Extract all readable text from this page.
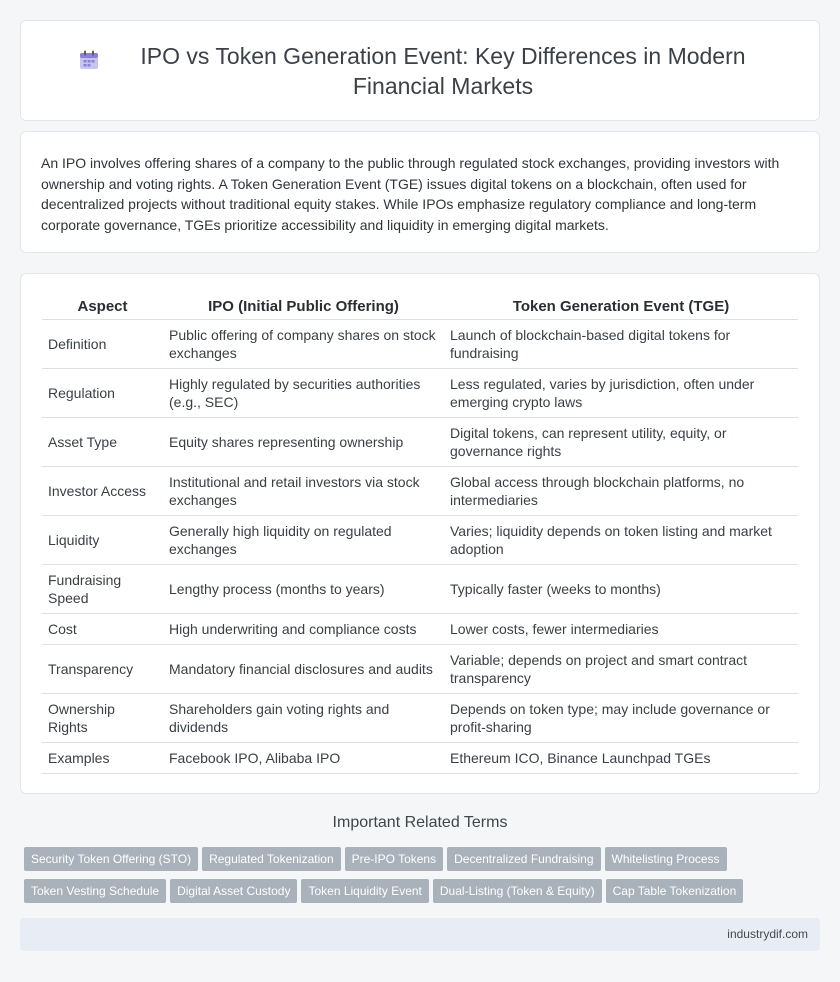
IPO vs Token Generation Event: Key Differences in Modern Financial Markets

An IPO involves offering shares of a company to the public through regulated stock exchanges, providing investors with ownership and voting rights. A Token Generation Event (TGE) issues digital tokens on a blockchain, often used for decentralized projects without traditional equity stakes. While IPOs emphasize regulatory compliance and long-term corporate governance, TGEs prioritize accessibility and liquidity in emerging digital markets.

Aspect	IPO (Initial Public Offering)	Token Generation Event (TGE)
Definition	Public offering of company shares on stock exchanges	Launch of blockchain-based digital tokens for fundraising
Regulation	Highly regulated by securities authorities (e.g., SEC)	Less regulated, varies by jurisdiction, often under emerging crypto laws
Asset Type	Equity shares representing ownership	Digital tokens, can represent utility, equity, or governance rights
Investor Access	Institutional and retail investors via stock exchanges	Global access through blockchain platforms, no intermediaries
Liquidity	Generally high liquidity on regulated exchanges	Varies; liquidity depends on token listing and market adoption
Fundraising Speed	Lengthy process (months to years)	Typically faster (weeks to months)
Cost	High underwriting and compliance costs	Lower costs, fewer intermediaries
Transparency	Mandatory financial disclosures and audits	Variable; depends on project and smart contract transparency
Ownership Rights	Shareholders gain voting rights and dividends	Depends on token type; may include governance or profit-sharing
Examples	Facebook IPO, Alibaba IPO	Ethereum ICO, Binance Launchpad TGEs
Important Related Terms
Security Token Offering (STO) Regulated Tokenization Pre-IPO Tokens Decentralized Fundraising Whitelisting Process
Token Vesting Schedule Digital Asset Custody Token Liquidity Event Dual-Listing (Token & Equity) Cap Table Tokenization
industrydif.com
